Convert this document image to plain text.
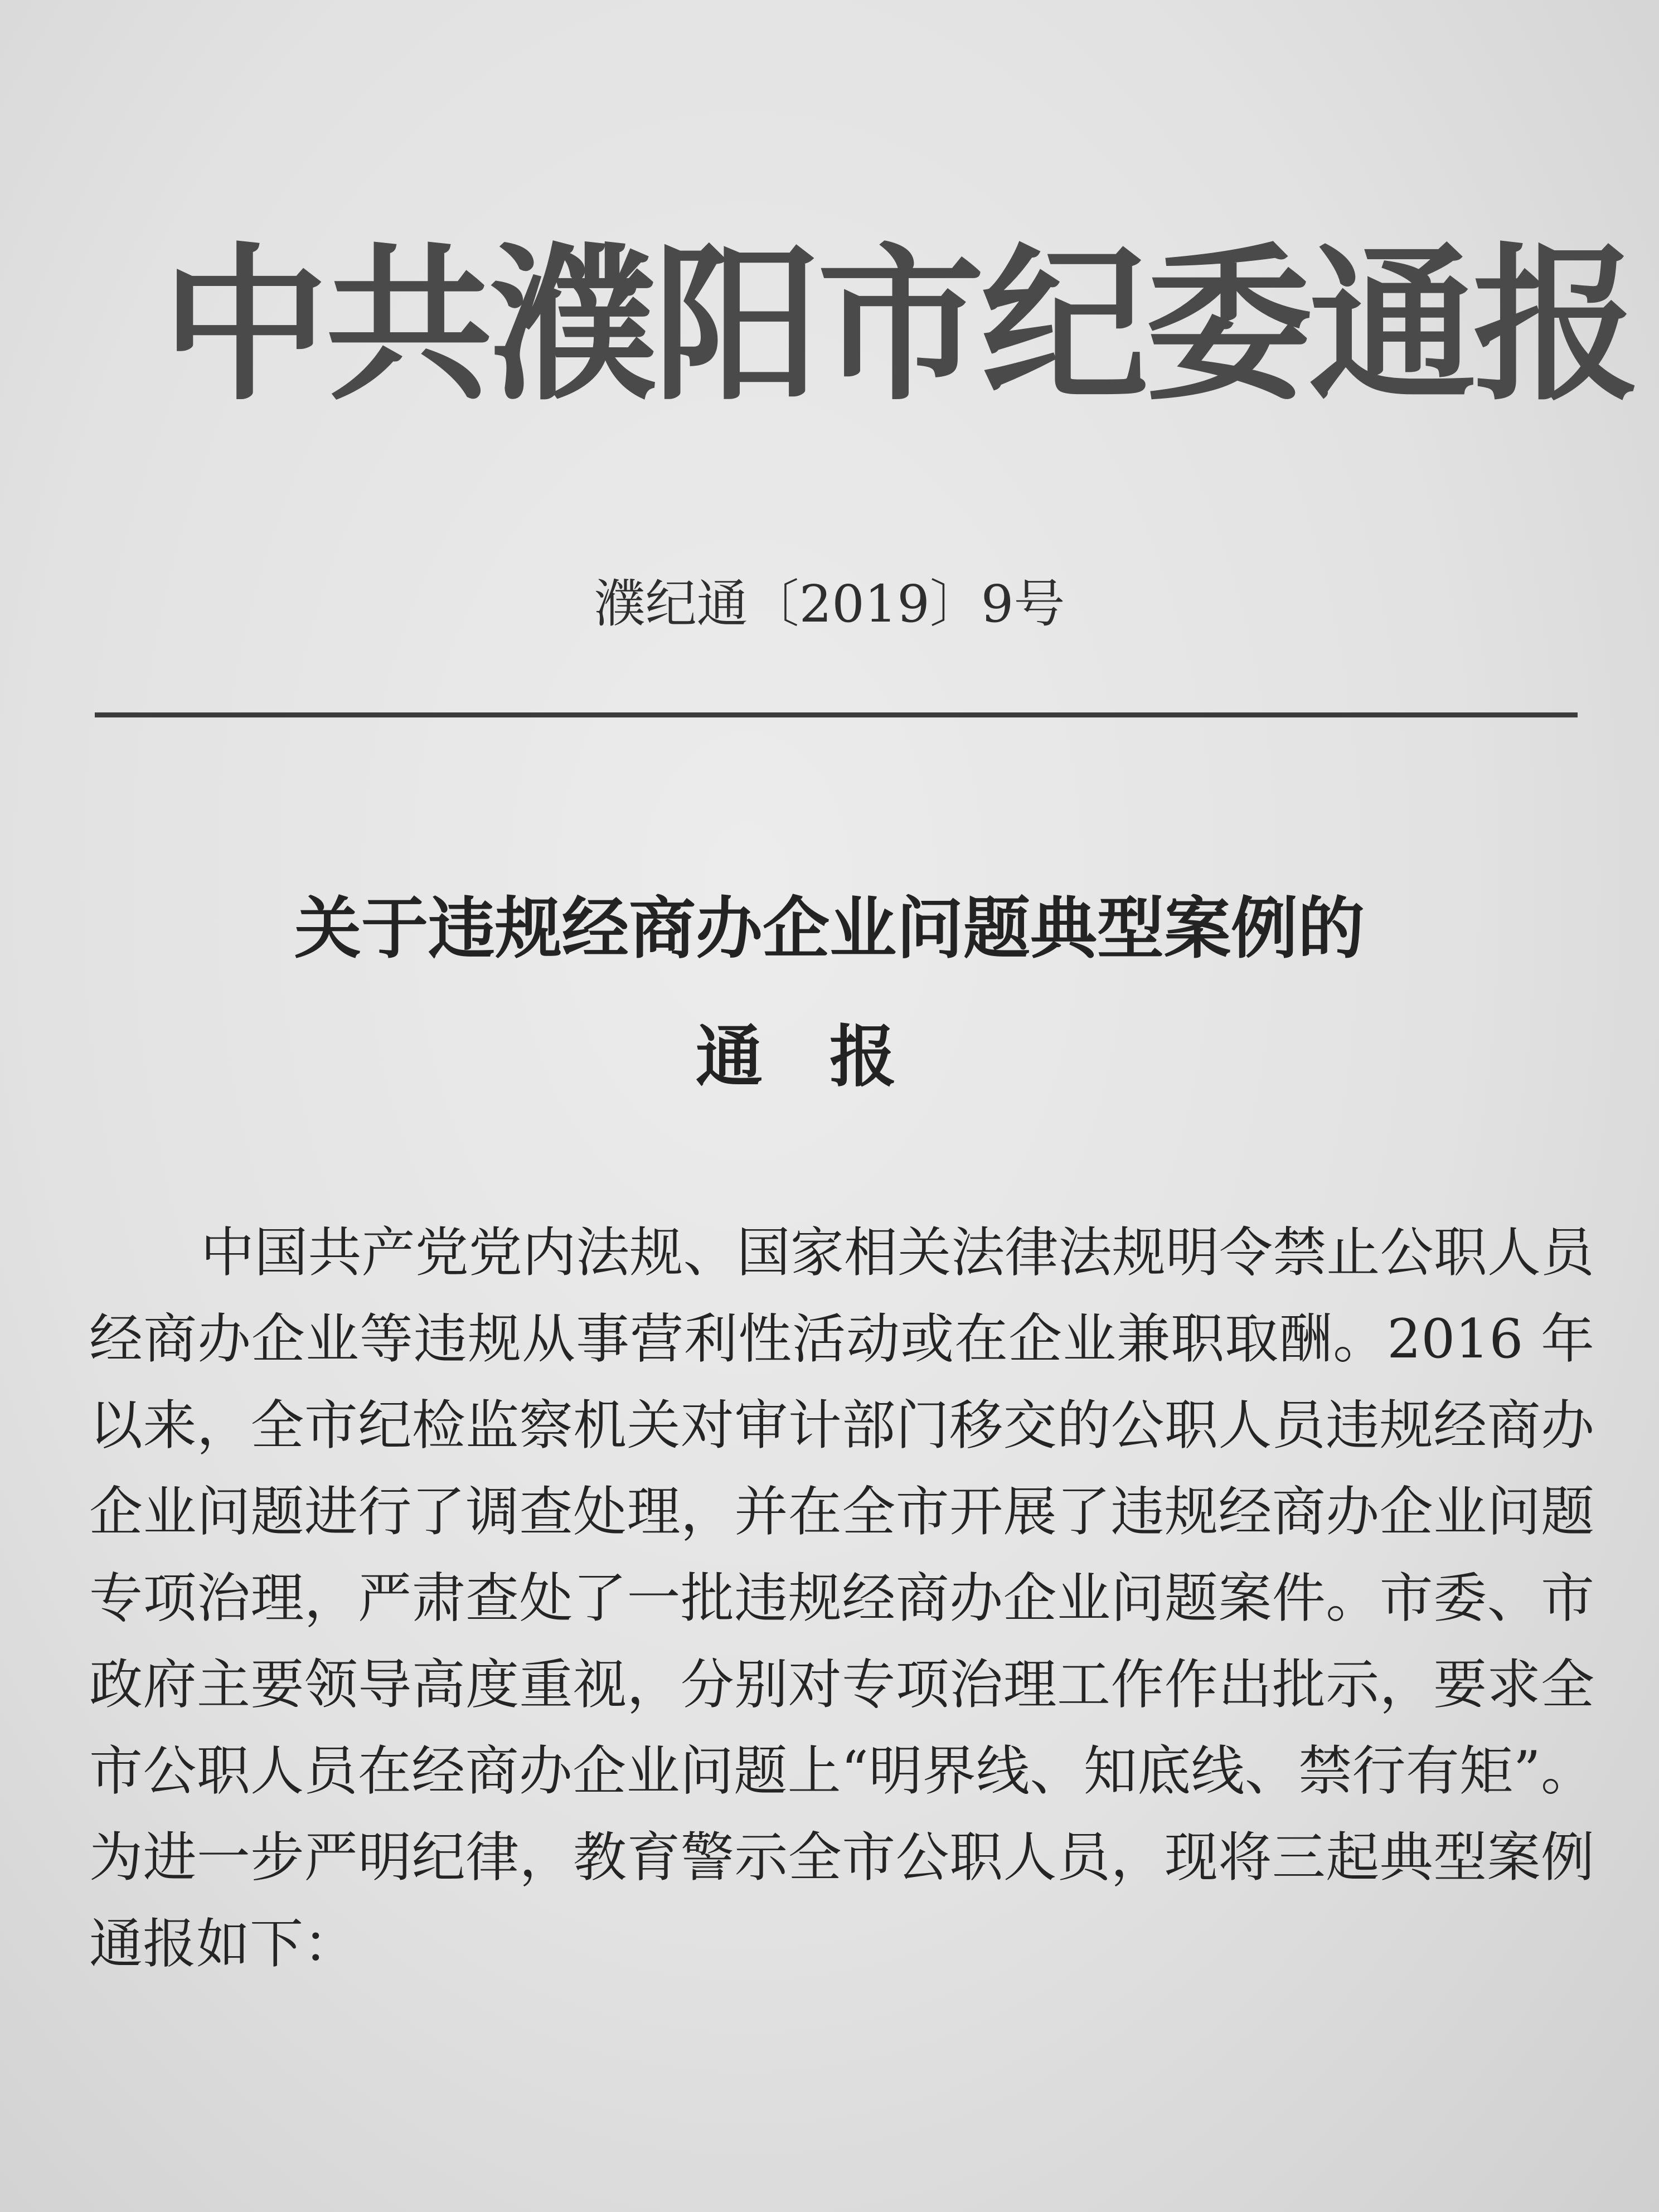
中共濮阳市纪委通报
濮纪通〔2019〕9号
关于违规经商办企业问题典型案例的
通报
中国共产党党内法规、国家相关法律法规明令禁止公职人员
经商办企业等违规从事营利性活动或在企业兼职取酬。2016 年
以来，全市纪检监察机关对审计部门移交的公职人员违规经商办
企业问题进行了调查处理，并在全市开展了违规经商办企业问题
专项治理，严肃查处了一批违规经商办企业问题案件。市委、市
政府主要领导高度重视，分别对专项治理工作作出批示，要求全
市公职人员在经商办企业问题上“明界线、知底线、禁行有矩”。
为进一步严明纪律，教育警示全市公职人员，现将三起典型案例
通报如下：
